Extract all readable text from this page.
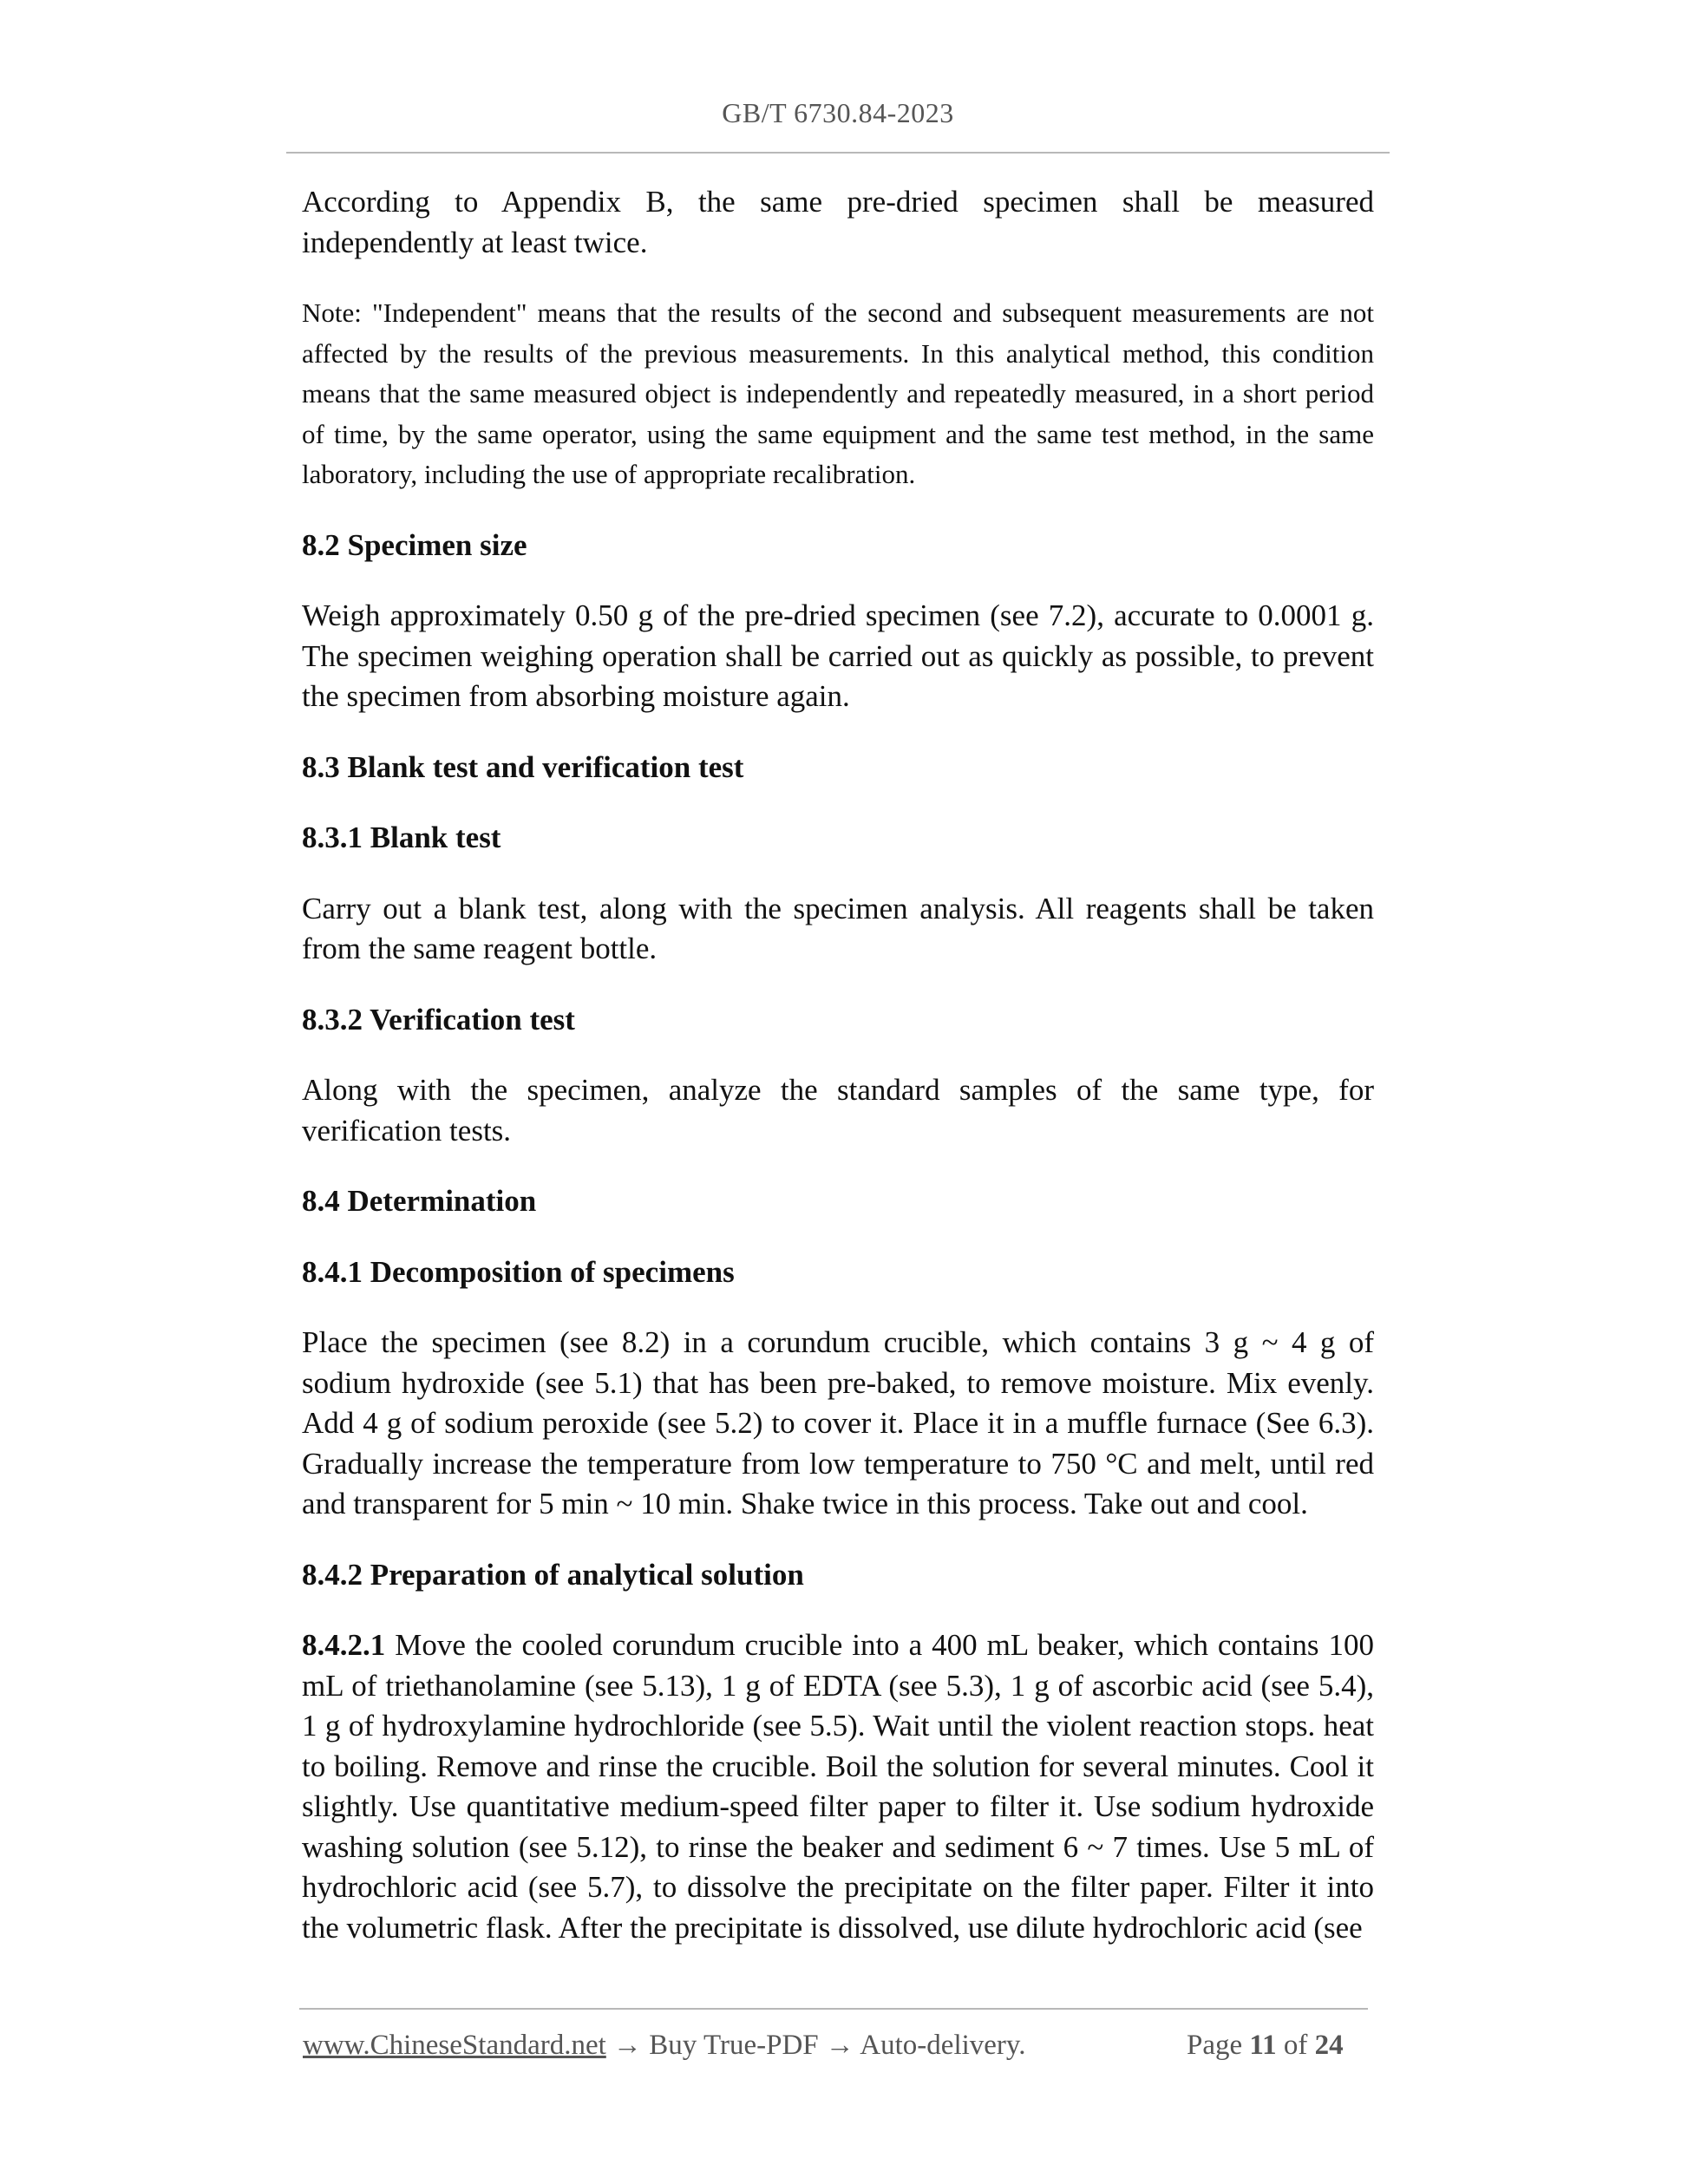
GB/T 6730.84-2023

According to Appendix B, the same pre-dried specimen shall be measured independently at least twice.

Note: "Independent" means that the results of the second and subsequent measurements are not affected by the results of the previous measurements. In this analytical method, this condition means that the same measured object is independently and repeatedly measured, in a short period of time, by the same operator, using the same equipment and the same test method, in the same laboratory, including the use of appropriate recalibration.

8.2 Specimen size

Weigh approximately 0.50 g of the pre-dried specimen (see 7.2), accurate to 0.0001 g. The specimen weighing operation shall be carried out as quickly as possible, to prevent the specimen from absorbing moisture again.

8.3 Blank test and verification test

8.3.1 Blank test

Carry out a blank test, along with the specimen analysis. All reagents shall be taken from the same reagent bottle.

8.3.2 Verification test

Along with the specimen, analyze the standard samples of the same type, for verification tests.

8.4 Determination

8.4.1 Decomposition of specimens

Place the specimen (see 8.2) in a corundum crucible, which contains 3 g ~ 4 g of sodium hydroxide (see 5.1) that has been pre-baked, to remove moisture. Mix evenly. Add 4 g of sodium peroxide (see 5.2) to cover it. Place it in a muffle furnace (See 6.3). Gradually increase the temperature from low temperature to 750 °C and melt, until red and transparent for 5 min ~ 10 min. Shake twice in this process. Take out and cool.

8.4.2 Preparation of analytical solution

8.4.2.1 Move the cooled corundum crucible into a 400 mL beaker, which contains 100 mL of triethanolamine (see 5.13), 1 g of EDTA (see 5.3), 1 g of ascorbic acid (see 5.4), 1 g of hydroxylamine hydrochloride (see 5.5). Wait until the violent reaction stops. heat to boiling. Remove and rinse the crucible. Boil the solution for several minutes. Cool it slightly. Use quantitative medium-speed filter paper to filter it. Use sodium hydroxide washing solution (see 5.12), to rinse the beaker and sediment 6 ~ 7 times. Use 5 mL of hydrochloric acid (see 5.7), to dissolve the precipitate on the filter paper. Filter it into the volumetric flask. After the precipitate is dissolved, use dilute hydrochloric acid (see

www.ChineseStandard.net → Buy True-PDF → Auto-delivery.	Page 11 of 24
